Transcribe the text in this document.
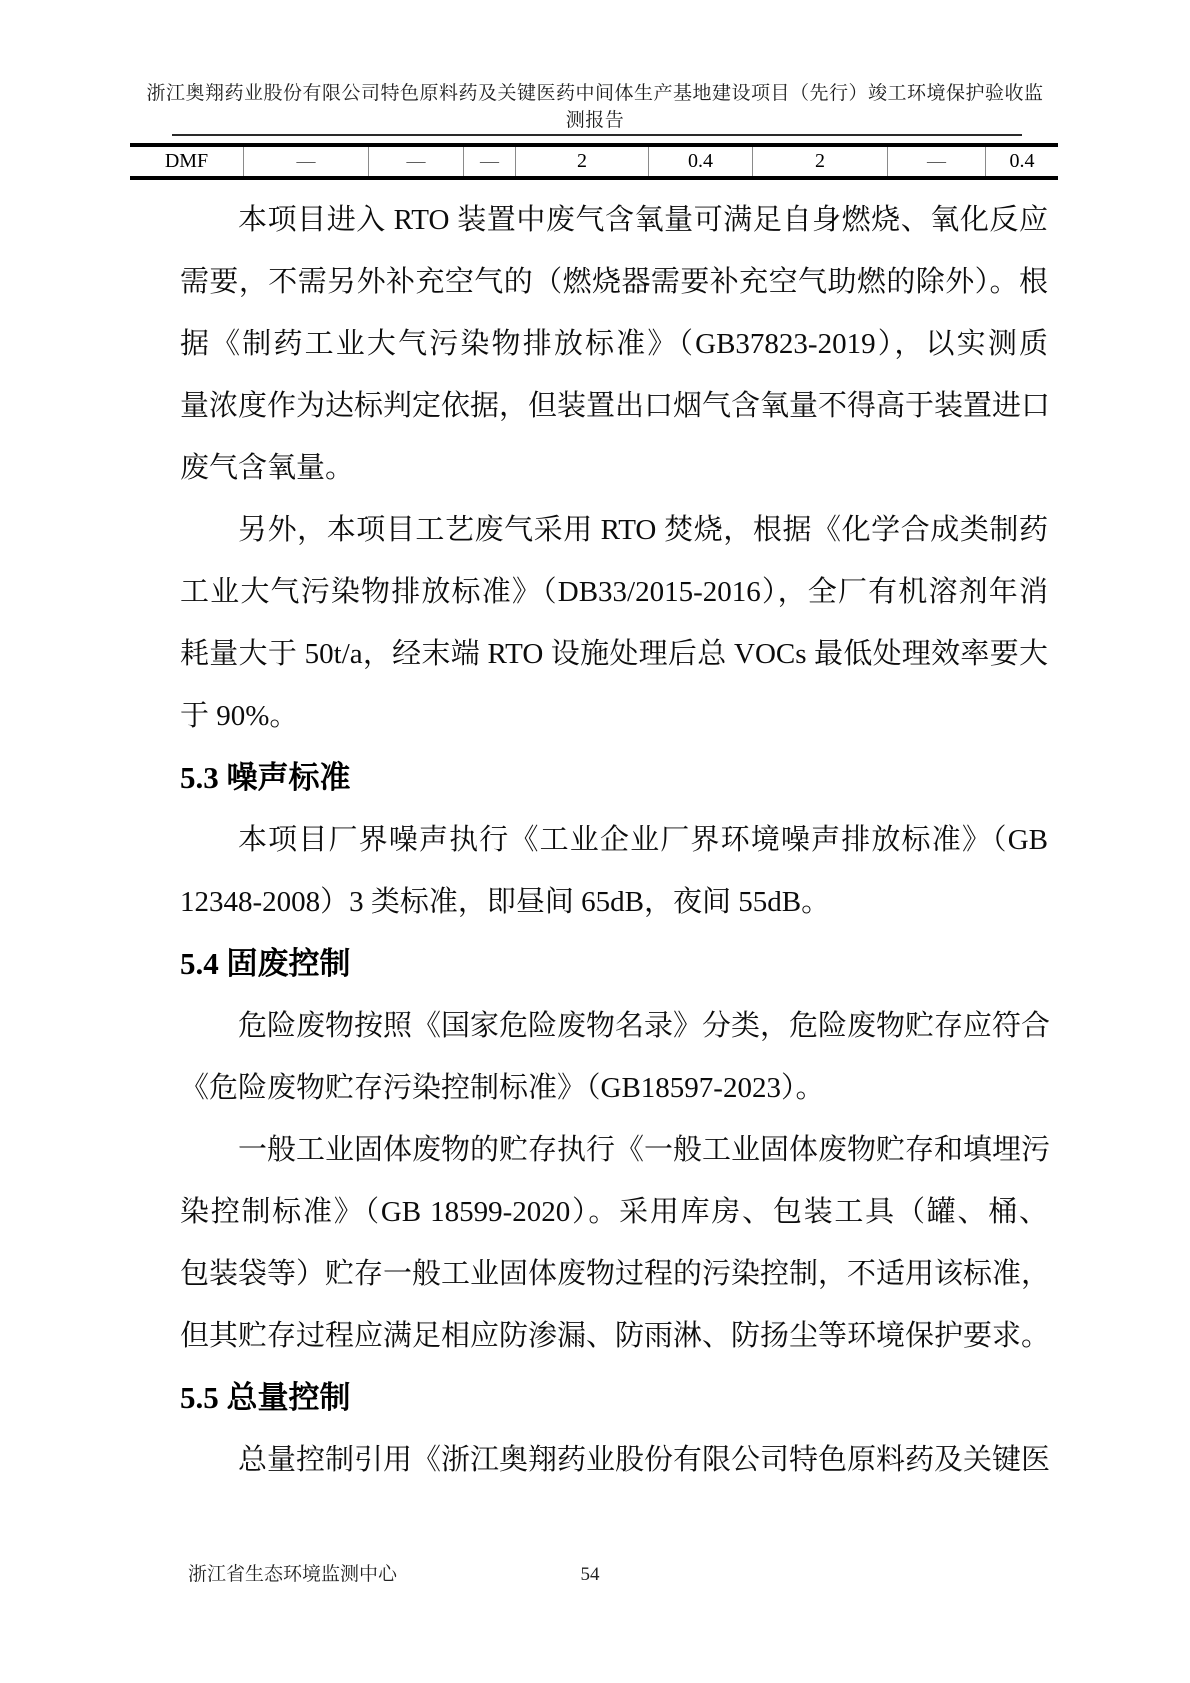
浙江奥翔药业股份有限公司特色原料药及关键医药中间体生产基地建设项目（先行）竣工环境保护验收监
测报告
DMF	—	—	—	2	0.4	2	—	0.4
本项目进入 RTO 装置中废气含氧量可满足自身燃烧、氧化反应
需要，不需另外补充空气的（燃烧器需要补充空气助燃的除外）。根
据《制药工业大气污染物排放标准》（GB37823-2019），以实测质
量浓度作为达标判定依据，但装置出口烟气含氧量不得高于装置进口
废气含氧量。
另外，本项目工艺废气采用 RTO 焚烧，根据《化学合成类制药
工业大气污染物排放标准》（DB33/2015-2016），全厂有机溶剂年消
耗量大于 50t/a，经末端 RTO 设施处理后总 VOCs 最低处理效率要大
于 90%。
5.3 噪声标准
本项目厂界噪声执行《工业企业厂界环境噪声排放标准》（GB
12348-2008）3 类标准，即昼间 65dB，夜间 55dB。
5.4 固废控制
危险废物按照《国家危险废物名录》分类，危险废物贮存应符合
《危险废物贮存污染控制标准》（GB18597-2023）。
一般工业固体废物的贮存执行《一般工业固体废物贮存和填埋污
染控制标准》（GB 18599-2020）。采用库房、包装工具（罐、桶、
包装袋等）贮存一般工业固体废物过程的污染控制，不适用该标准，
但其贮存过程应满足相应防渗漏、防雨淋、防扬尘等环境保护要求。
5.5 总量控制
总量控制引用《浙江奥翔药业股份有限公司特色原料药及关键医
浙江省生态环境监测中心	54
